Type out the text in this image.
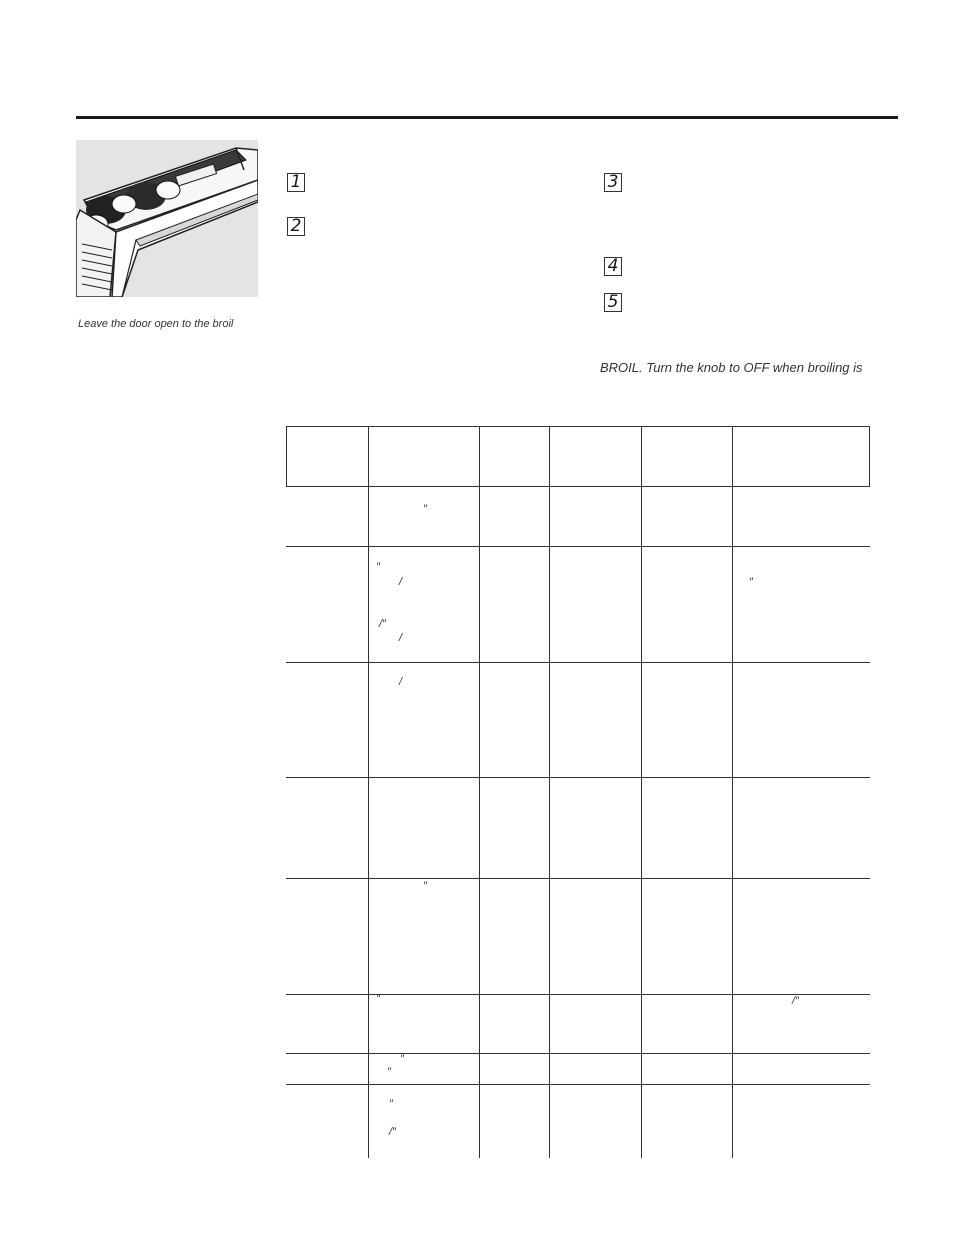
Leave the door open to the broil
1
2
3
4
5
BROIL. Turn the knob to OFF when broiling is
″
″
/	″
/″
/
/
″
″	/″
″
″
″
/″
